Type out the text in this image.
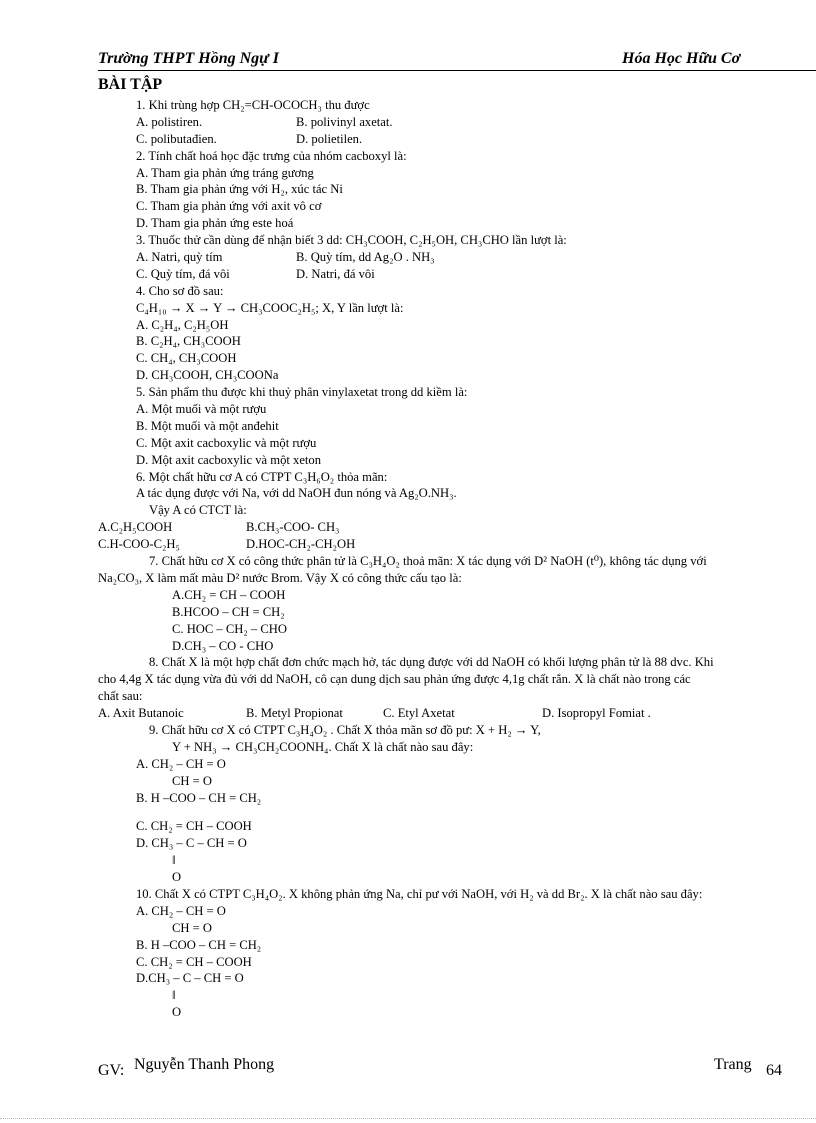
Trường THPT Hồng Ngự I	Hóa Học Hữu Cơ
BÀI TẬP
1. Khi trùng hợp CH₂=CH-OCOCH₃ thu được
A. polistiren.	B. polivinyl axetat.
C. polibutađien.	D. polietilen.
2. Tính chất hoá học đặc trưng của nhóm cacboxyl là:
A. Tham gia phản ứng tráng gương
B. Tham gia phản ứng với H₂, xúc tác Ni
C. Tham gia phản ứng với axit vô cơ
D. Tham gia phản ứng este hoá
3. Thuốc thử cần dùng để nhận biết 3 dd: CH₃COOH, C₂H₅OH, CH₃CHO lần lượt là:
A. Natri, quỳ tím	B. Quỳ tím, dd Ag₂O . NH₃
C. Quỳ tím, đá vôi	D. Natri, đá vôi
4. Cho sơ đồ sau:
C₄H₁₀ → X → Y → CH₃COOC₂H₅; X, Y lần lượt là:
A. C₂H₄, C₂H₅OH
B. C₂H₄, CH₃COOH
C. CH₄, CH₃COOH
D. CH₃COOH, CH₃COONa
5. Sản phẩm thu được khi thuỷ phân vinylaxetat trong dd kiềm là:
A. Một muối và một rượu
B. Một muối và một anđehit
C. Một axit cacboxylic và một rượu
D. Một axit cacboxylic và một xeton
6. Một chất hữu cơ A có CTPT C₃H₆O₂ thỏa mãn:
A tác dụng được với Na, với dd NaOH đun nóng và Ag₂O.NH₃.
Vậy A có CTCT là:
A.C₂H₅COOH	B.CH₃-COO- CH₃
C.H-COO-C₂H₅	D.HOC-CH₂-CH₂OH
7. Chất hữu cơ X có công thức phân tử là C₃H₄O₂ thoả mãn: X tác dụng với D² NaOH (t⁰), không tác dụng với
Na₂CO₃, X làm mất màu D² nước Brom. Vậy X có công thức cấu tạo là:
A.CH₂ = CH – COOH
B.HCOO – CH = CH₂
C. HOC – CH₂ – CHO
D.CH₃ – CO - CHO
8. Chất X là một hợp chất đơn chức mạch hở, tác dụng được với dd NaOH có khối lượng phân tử là 88 dvc. Khi
cho 4,4g X tác dụng vừa đủ với dd NaOH, cô cạn dung dịch sau phản ứng được 4,1g chất rắn. X là chất nào trong các
chất sau:
A. Axit Butanoic	B. Metyl Propionat	C. Etyl Axetat	D. Isopropyl Fomiat .
9. Chất hữu cơ X có CTPT C₃H₄O₂ . Chất X thỏa mãn sơ đồ pư: X + H₂ → Y,
Y + NH₃ → CH₃CH₂COONH₄. Chất X là chất nào sau đây:
A. CH₂ – CH = O
CH = O
B. H –COO – CH = CH₂
C. CH₂ = CH – COOH
D. CH₃ – C – CH = O
‖
O
10. Chất X có CTPT C₃H₄O₂. X không phản ứng Na, chỉ pư với NaOH, với H₂ và dd Br₂. X là chất nào sau đây:
A. CH₂ – CH = O
CH = O
B. H –COO – CH = CH₂
C. CH₂ = CH – COOH
D.CH₃ – C – CH = O
‖
O
GV: Nguyễn Thanh Phong	Trang 64
